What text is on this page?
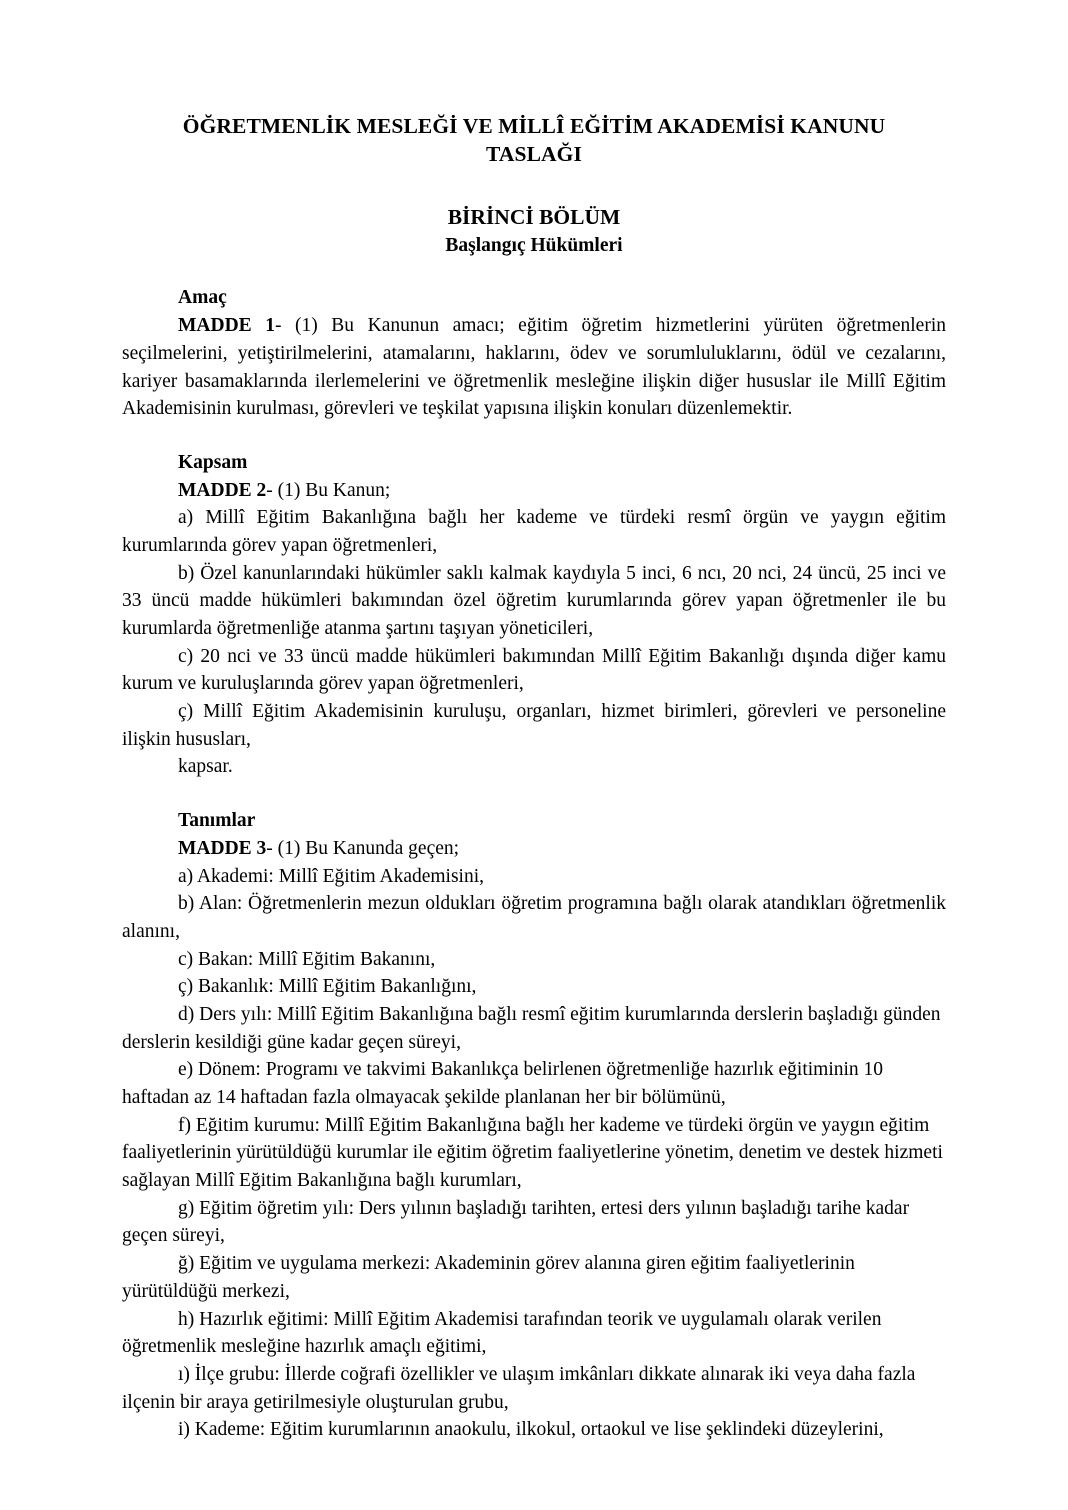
ÖĞRETMENLİK MESLEĞİ VE MİLLÎ EĞİTİM AKADEMİSİ KANUNU
TASLAĞI
BİRİNCİ BÖLÜM
Başlangıç Hükümleri
Amaç

MADDE 1- (1) Bu Kanunun amacı; eğitim öğretim hizmetlerini yürüten öğretmenlerin seçilmelerini, yetiştirilmelerini, atamalarını, haklarını, ödev ve sorumluluklarını, ödül ve cezalarını, kariyer basamaklarında ilerlemelerini ve öğretmenlik mesleğine ilişkin diğer hususlar ile Millî Eğitim Akademisinin kurulması, görevleri ve teşkilat yapısına ilişkin konuları düzenlemektir.

Kapsam

MADDE 2- (1) Bu Kanun;

a) Millî Eğitim Bakanlığına bağlı her kademe ve türdeki resmî örgün ve yaygın eğitim kurumlarında görev yapan öğretmenleri,

b) Özel kanunlarındaki hükümler saklı kalmak kaydıyla 5 inci, 6 ncı, 20 nci, 24 üncü, 25 inci ve 33 üncü madde hükümleri bakımından özel öğretim kurumlarında görev yapan öğretmenler ile bu kurumlarda öğretmenliğe atanma şartını taşıyan yöneticileri,

c) 20 nci ve 33 üncü madde hükümleri bakımından Millî Eğitim Bakanlığı dışında diğer kamu kurum ve kuruluşlarında görev yapan öğretmenleri,

ç) Millî Eğitim Akademisinin kuruluşu, organları, hizmet birimleri, görevleri ve personeline ilişkin hususları,

kapsar.

Tanımlar

MADDE 3- (1) Bu Kanunda geçen;

a) Akademi: Millî Eğitim Akademisini,

b) Alan: Öğretmenlerin mezun oldukları öğretim programına bağlı olarak atandıkları öğretmenlik alanını,

c) Bakan: Millî Eğitim Bakanını,

ç) Bakanlık: Millî Eğitim Bakanlığını,

d) Ders yılı: Millî Eğitim Bakanlığına bağlı resmî eğitim kurumlarında derslerin başladığı günden derslerin kesildiği güne kadar geçen süreyi,

e) Dönem: Programı ve takvimi Bakanlıkça belirlenen öğretmenliğe hazırlık eğitiminin 10 haftadan az 14 haftadan fazla olmayacak şekilde planlanan her bir bölümünü,

f) Eğitim kurumu: Millî Eğitim Bakanlığına bağlı her kademe ve türdeki örgün ve yaygın eğitim faaliyetlerinin yürütüldüğü kurumlar ile eğitim öğretim faaliyetlerine yönetim, denetim ve destek hizmeti sağlayan Millî Eğitim Bakanlığına bağlı kurumları,

g) Eğitim öğretim yılı: Ders yılının başladığı tarihten, ertesi ders yılının başladığı tarihe kadar geçen süreyi,

ğ) Eğitim ve uygulama merkezi: Akademinin görev alanına giren eğitim faaliyetlerinin yürütüldüğü merkezi,

h) Hazırlık eğitimi: Millî Eğitim Akademisi tarafından teorik ve uygulamalı olarak verilen öğretmenlik mesleğine hazırlık amaçlı eğitimi,

ı) İlçe grubu: İllerde coğrafi özellikler ve ulaşım imkânları dikkate alınarak iki veya daha fazla ilçenin bir araya getirilmesiyle oluşturulan grubu,

i) Kademe: Eğitim kurumlarının anaokulu, ilkokul, ortaokul ve lise şeklindeki düzeylerini,
